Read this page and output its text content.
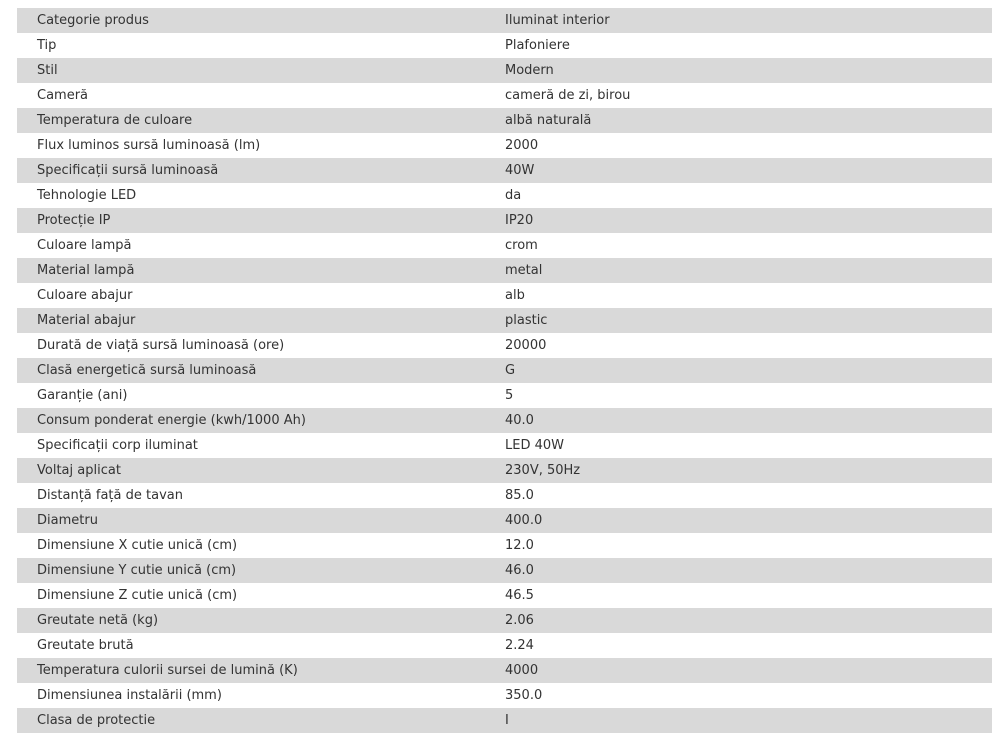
Categorie produs	Iluminat interior
Tip	Plafoniere
Stil	Modern
Cameră	cameră de zi, birou
Temperatura de culoare	albă naturală
Flux luminos sursă luminoasă (lm)	2000
Specificații sursă luminoasă	40W
Tehnologie LED	da
Protecție IP	IP20
Culoare lampă	crom
Material lampă	metal
Culoare abajur	alb
Material abajur	plastic
Durată de viață sursă luminoasă (ore)	20000
Clasă energetică sursă luminoasă	G
Garanție (ani)	5
Consum ponderat energie (kwh/1000 Ah)	40.0
Specificații corp iluminat	LED 40W
Voltaj aplicat	230V, 50Hz
Distanță față de tavan	85.0
Diametru	400.0
Dimensiune X cutie unică (cm)	12.0
Dimensiune Y cutie unică (cm)	46.0
Dimensiune Z cutie unică (cm)	46.5
Greutate netă (kg)	2.06
Greutate brută	2.24
Temperatura culorii sursei de lumină (K)	4000
Dimensiunea instalării (mm)	350.0
Clasa de protectie	I
